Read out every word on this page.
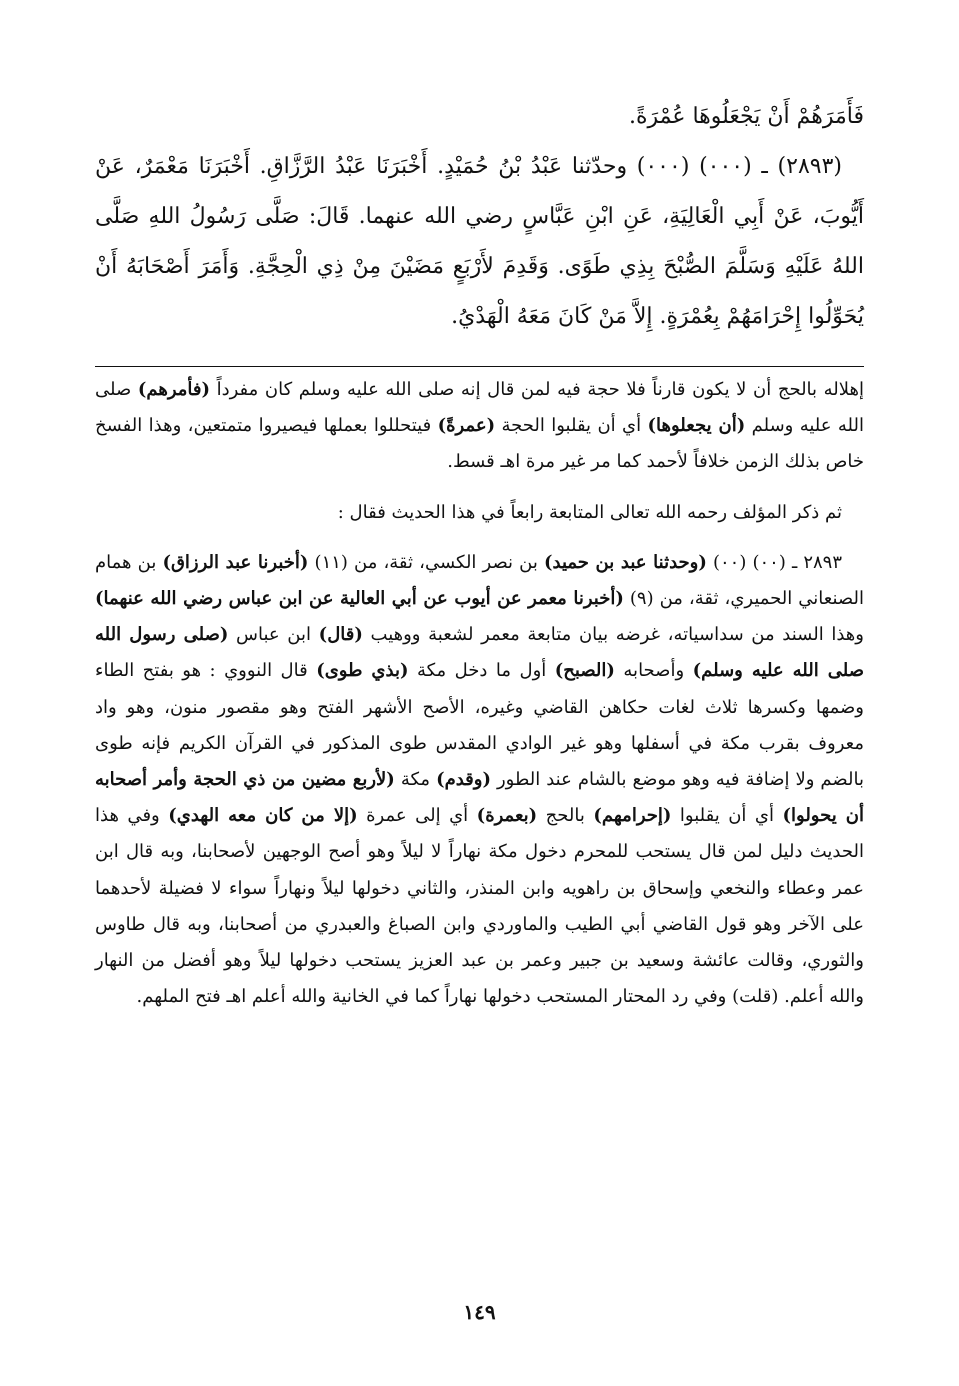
فَأَمَرَهُمْ أَنْ يَجْعَلُوهَا عُمْرَةً.

(٢٨٩٣) ـ (٠٠٠) (٠٠٠) وحدّثنا عَبْدُ بْنُ حُمَيْدٍ. أَخْبَرَنَا عَبْدُ الرَّزَّاقِ. أَخْبَرَنَا مَعْمَرٌ، عَنْ أَيُّوبَ، عَنْ أَبِي الْعَالِيَةِ، عَنِ ابْنِ عَبَّاسٍ رضي الله عنهما. قَالَ: صَلَّى رَسُولُ اللهِ صَلَّى اللهُ عَلَيْهِ وَسَلَّمَ الصُّبْحَ بِذِي طَوًى. وَقَدِمَ لأَرْبَعٍ مَضَيْنَ مِنْ ذِي الْحِجَّةِ. وَأَمَرَ أَصْحَابَهُ أَنْ يُحَوِّلُوا إِحْرَامَهُمْ بِعُمْرَةٍ. إِلاَّ مَنْ كَانَ مَعَهُ الْهَدْيُ.

إهلاله بالحج أن لا يكون قارناً فلا حجة فيه لمن قال إنه صلى الله عليه وسلم كان مفرداً (فأمرهم) صلى الله عليه وسلم (أن يجعلوها) أي أن يقلبوا الحجة (عمرةً) فيتحللوا بعملها فيصيروا متمتعين، وهذا الفسخ خاص بذلك الزمن خلافاً لأحمد كما مر غير مرة اهـ قسط.

ثم ذكر المؤلف رحمه الله تعالى المتابعة رابعاً في هذا الحديث فقال :

٢٨٩٣ ـ (٠٠) (٠٠) (وحدثنا عبد بن حميد) بن نصر الكسي، ثقة، من (١١) (أخبرنا عبد الرزاق) بن همام الصنعاني الحميري، ثقة، من (٩) (أخبرنا معمر عن أيوب عن أبي العالية عن ابن عباس رضي الله عنهما) وهذا السند من سداسياته، غرضه بيان متابعة معمر لشعبة ووهيب (قال) ابن عباس (صلى رسول الله صلى الله عليه وسلم) وأصحابه (الصبح) أول ما دخل مكة (بذي طوى) قال النووي : هو بفتح الطاء وضمها وكسرها ثلاث لغات حكاهن القاضي وغيره، الأصح الأشهر الفتح وهو مقصور منون، وهو واد معروف بقرب مكة في أسفلها وهو غير الوادي المقدس طوى المذكور في القرآن الكريم فإنه طوى بالضم ولا إضافة فيه وهو موضع بالشام عند الطور (وقدم) مكة (لأربع مضين من ذي الحجة وأمر أصحابه أن يحولوا) أي أن يقلبوا (إحرامهم) بالحج (بعمرة) أي إلى عمرة (إلا من كان معه الهدي) وفي هذا الحديث دليل لمن قال يستحب للمحرم دخول مكة نهاراً لا ليلاً وهو أصح الوجهين لأصحابنا، وبه قال ابن عمر وعطاء والنخعي وإسحاق بن راهويه وابن المنذر، والثاني دخولها ليلاً ونهاراً سواء لا فضيلة لأحدهما على الآخر وهو قول القاضي أبي الطيب والماوردي وابن الصباغ والعبدري من أصحابنا، وبه قال طاوس والثوري، وقالت عائشة وسعيد بن جبير وعمر بن عبد العزيز يستحب دخولها ليلاً وهو أفضل من النهار والله أعلم. (قلت) وفي رد المحتار المستحب دخولها نهاراً كما في الخانية والله أعلم اهـ فتح الملهم.

١٤٩
